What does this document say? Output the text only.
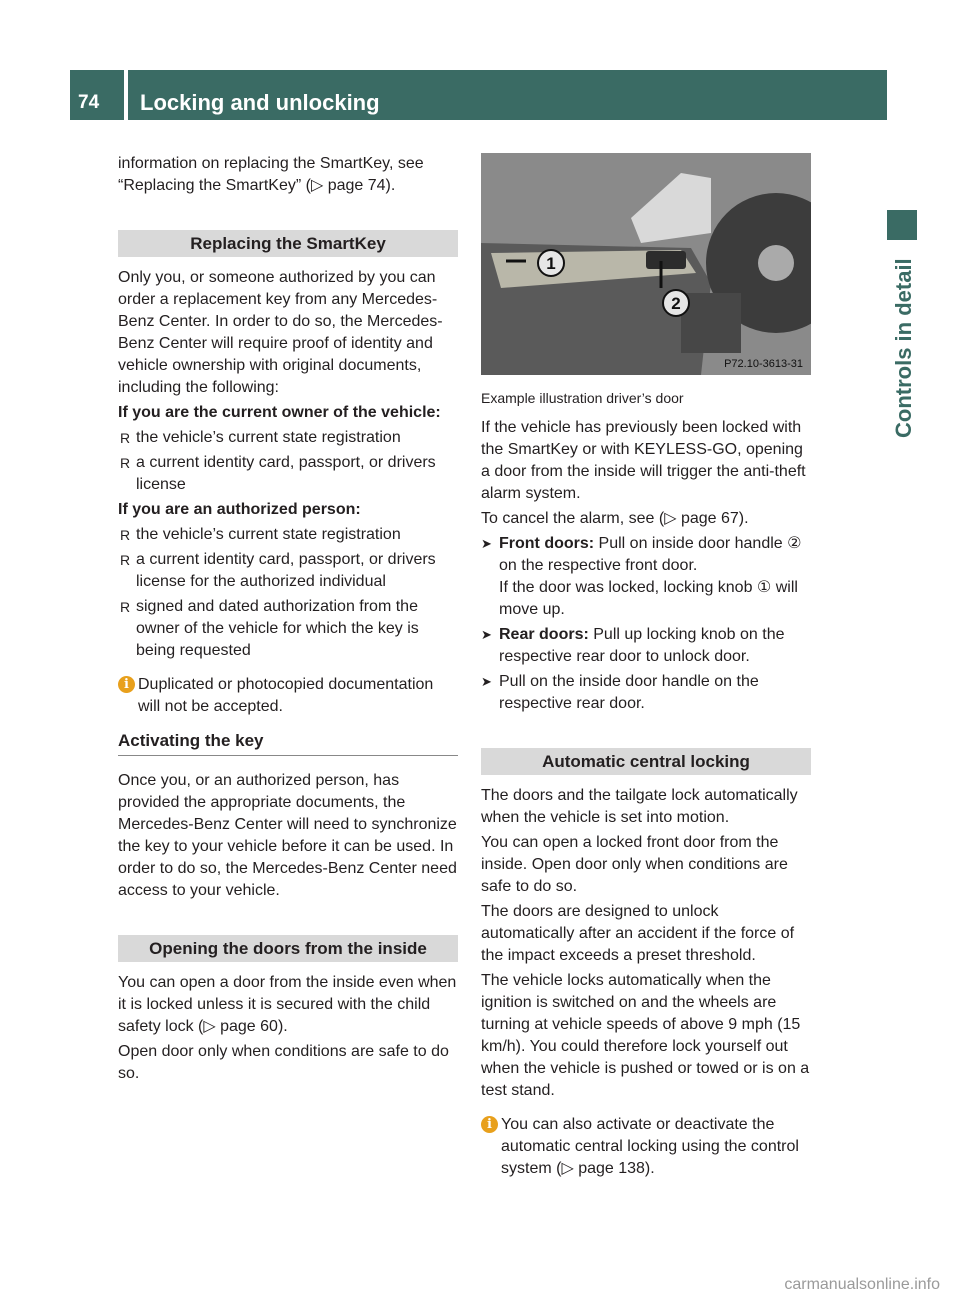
74	Locking and unlocking
Controls in detail

information on replacing the SmartKey, see “Replacing the SmartKey” (▷ page 74).

Replacing the SmartKey

Only you, or someone authorized by you can order a replacement key from any Mercedes-Benz Center. In order to do so, the Mercedes-Benz Center will require proof of identity and vehicle ownership with original documents, including the following:

If you are the current owner of the vehicle:

R the vehicle’s current state registration
R a current identity card, passport, or drivers license

If you are an authorized person:

R the vehicle’s current state registration
R a current identity card, passport, or drivers license for the authorized individual
R signed and dated authorization from the owner of the vehicle for which the key is being requested
i Duplicated or photocopied documentation will not be accepted.
Activating the key

Once you, or an authorized person, has provided the appropriate documents, the Mercedes-Benz Center will need to synchronize the key to your vehicle before it can be used. In order to do so, the Mercedes-Benz Center need access to your vehicle.

Opening the doors from the inside

You can open a door from the inside even when it is locked unless it is secured with the child safety lock (▷ page 60).

Open door only when conditions are safe to do so.

1
2
P72.10-3613-31
Example illustration driver’s door

If the vehicle has previously been locked with the SmartKey or with KEYLESS-GO, opening a door from the inside will trigger the anti-theft alarm system.

To cancel the alarm, see (▷ page 67).

➤ Front doors: Pull on inside door handle ② on the respective front door.
If the door was locked, locking knob ① will move up.
➤ Rear doors: Pull up locking knob on the respective rear door to unlock door.
➤ Pull on the inside door handle on the respective rear door.
Automatic central locking

The doors and the tailgate lock automatically when the vehicle is set into motion.

You can open a locked front door from the inside. Open door only when conditions are safe to do so.

The doors are designed to unlock automatically after an accident if the force of the impact exceeds a preset threshold.

The vehicle locks automatically when the ignition is switched on and the wheels are turning at vehicle speeds of above 9 mph (15 km/h). You could therefore lock yourself out when the vehicle is pushed or towed or is on a test stand.

i You can also activate or deactivate the automatic central locking using the control system (▷ page 138).
carmanualsonline.info
